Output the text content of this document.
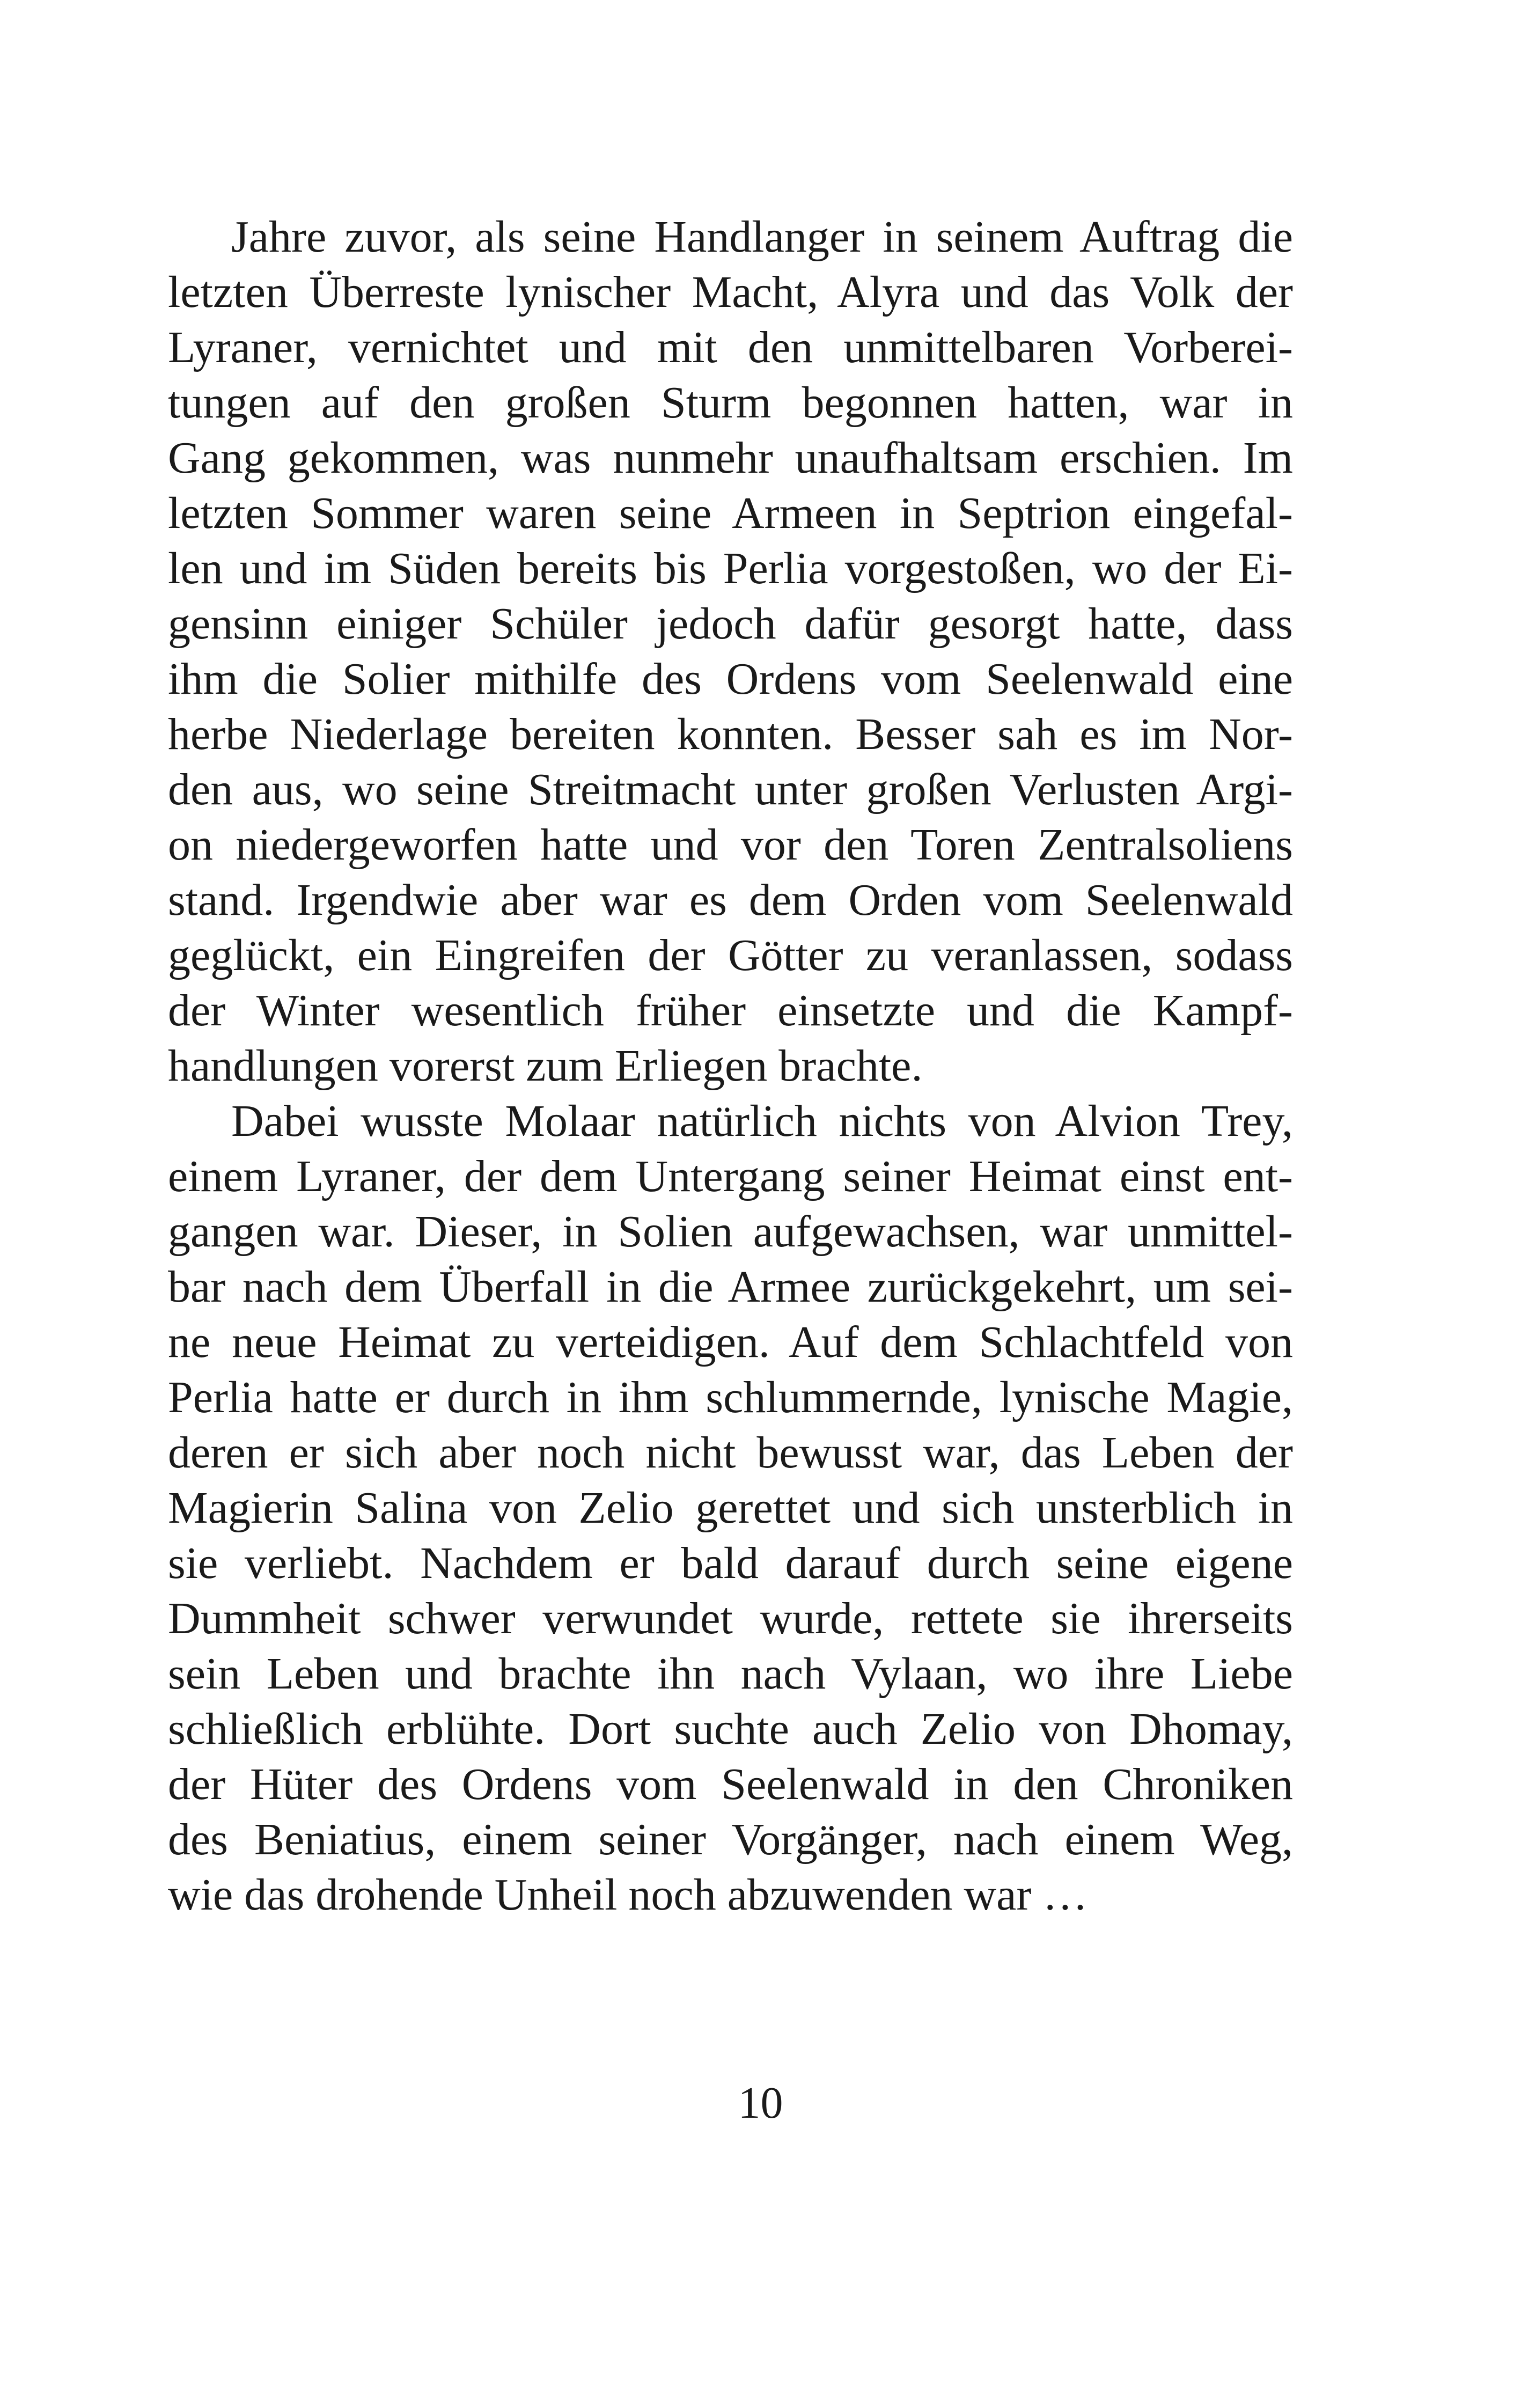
Jahre zuvor, als seine Handlanger in seinem Auftrag die
letzten Überreste lynischer Macht, Alyra und das Volk der
Lyraner, vernichtet und mit den unmittelbaren Vorberei-
tungen auf den großen Sturm begonnen hatten, war in
Gang gekommen, was nunmehr unaufhaltsam erschien. Im
letzten Sommer waren seine Armeen in Septrion eingefal-
len und im Süden bereits bis Perlia vorgestoßen, wo der Ei-
gensinn einiger Schüler jedoch dafür gesorgt hatte, dass
ihm die Solier mithilfe des Ordens vom Seelenwald eine
herbe Niederlage bereiten konnten. Besser sah es im Nor-
den aus, wo seine Streitmacht unter großen Verlusten Argi-
on niedergeworfen hatte und vor den Toren Zentralsoliens
stand. Irgendwie aber war es dem Orden vom Seelenwald
geglückt, ein Eingreifen der Götter zu veranlassen, sodass
der Winter wesentlich früher einsetzte und die Kampf-
handlungen vorerst zum Erliegen brachte.
Dabei wusste Molaar natürlich nichts von Alvion Trey,
einem Lyraner, der dem Untergang seiner Heimat einst ent-
gangen war. Dieser, in Solien aufgewachsen, war unmittel-
bar nach dem Überfall in die Armee zurückgekehrt, um sei-
ne neue Heimat zu verteidigen. Auf dem Schlachtfeld von
Perlia hatte er durch in ihm schlummernde, lynische Magie,
deren er sich aber noch nicht bewusst war, das Leben der
Magierin Salina von Zelio gerettet und sich unsterblich in
sie verliebt. Nachdem er bald darauf durch seine eigene
Dummheit schwer verwundet wurde, rettete sie ihrerseits
sein Leben und brachte ihn nach Vylaan, wo ihre Liebe
schließlich erblühte. Dort suchte auch Zelio von Dhomay,
der Hüter des Ordens vom Seelenwald in den Chroniken
des Beniatius, einem seiner Vorgänger, nach einem Weg,
wie das drohende Unheil noch abzuwenden war …
10
